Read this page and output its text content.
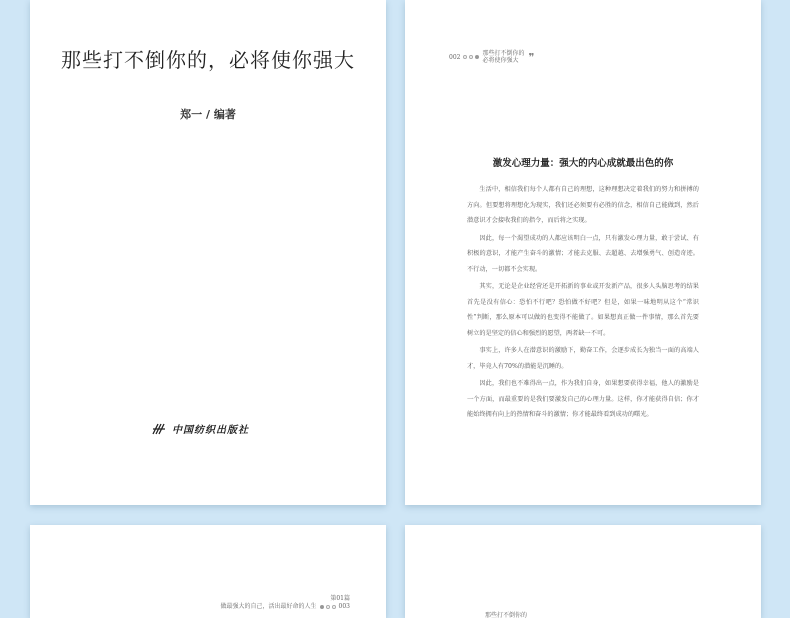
那些打不倒你的，必将使你强大
郑一 / 编著
中国纺织出版社
002	那些打不倒你的
必将使你强大 ❞
激发心理力量：强大的内心成就最出色的你

生活中，相信我们每个人都有自己的理想，这种理想决定着我们的努力和拼搏的方向。但要想将理想化为现实，我们还必须要有必胜的信念，相信自己能做到，然后潜意识才会接收我们的指令，而后将之实现。

因此，每一个渴望成功的人都应该明白一点，只有激发心理力量，敢于尝试、有积极的意识，才能产生奋斗的激情；才能去克服、去超越、去增强勇气、创造奇迹。不行动，一切都不会实现。

其实，无论是企业经营还是开拓新的事业或开发新产品，很多人头脑思考的结果首先是没有信心：恐怕不行吧？恐怕做不好吧？但是，如果一味地明从这个“常识性”判断，那么原本可以做的也变得不能做了。如果想真正做一件事情，那么首先要树立的是坚定的信心和强烈的愿望，两者缺一不可。

事实上，许多人在潜意识的激励下，勤奋工作，会逐步成长为独当一面的高端人才，毕竟人有70%的潜能是沉睡的。

因此，我们也不难得出一点，作为我们自身，如果想要获得幸福，他人的激励是一个方面，而最重要的是我们要激发自己的心理力量。这样，你才能获得自信；你才能始终拥有向上的热情和奋斗的激情；你才能最终看到成功的曙光。

第01篇
做最强大的自己，活出最好命的人生	003
那些打不倒你的
